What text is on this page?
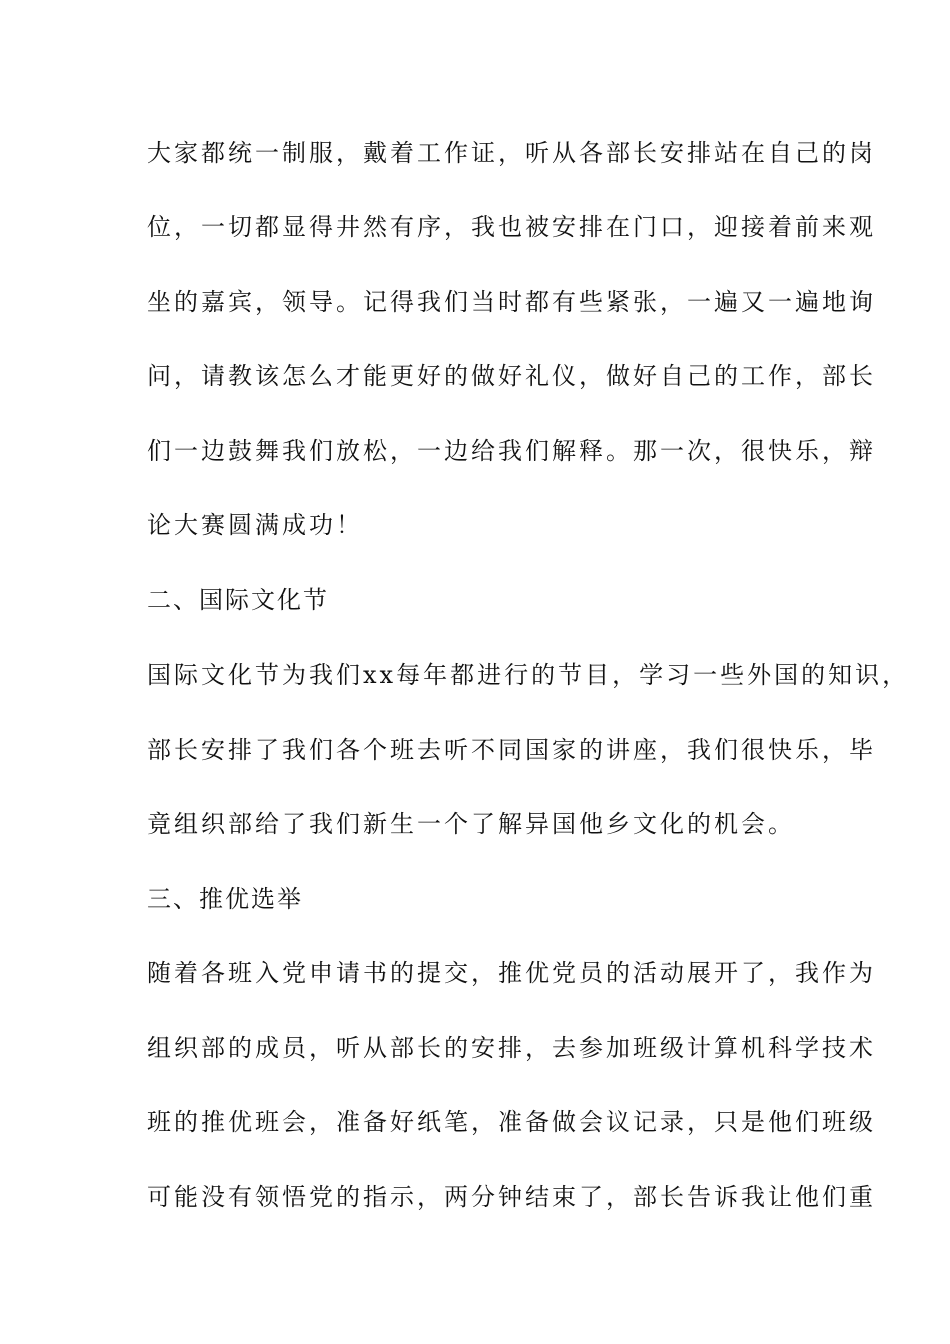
大家都统一制服，戴着工作证，听从各部长安排站在自己的岗
位，一切都显得井然有序，我也被安排在门口，迎接着前来观
坐的嘉宾，领导。记得我们当时都有些紧张，一遍又一遍地询
问，请教该怎么才能更好的做好礼仪，做好自己的工作，部长
们一边鼓舞我们放松，一边给我们解释。那一次，很快乐，辩
论大赛圆满成功！
二、国际文化节
国际文化节为我们xx每年都进行的节目，学习一些外国的知识，
部长安排了我们各个班去听不同国家的讲座，我们很快乐，毕
竟组织部给了我们新生一个了解异国他乡文化的机会。
三、推优选举
随着各班入党申请书的提交，推优党员的活动展开了，我作为
组织部的成员，听从部长的安排，去参加班级计算机科学技术
班的推优班会，准备好纸笔，准备做会议记录，只是他们班级
可能没有领悟党的指示，两分钟结束了，部长告诉我让他们重
